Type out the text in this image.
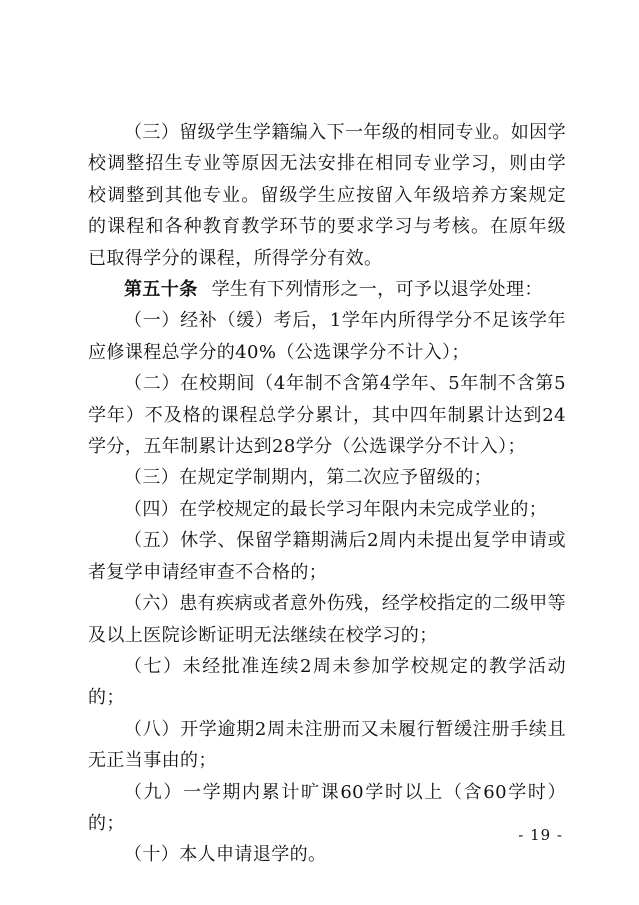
（三）留级学生学籍编入下一年级的相同专业。如因学校调整招生专业等原因无法安排在相同专业学习，则由学校调整到其他专业。留级学生应按留入年级培养方案规定的课程和各种教育教学环节的要求学习与考核。在原年级已取得学分的课程，所得学分有效。

第五十条 学生有下列情形之一，可予以退学处理：

（一）经补（缓）考后，1学年内所得学分不足该学年应修课程总学分的40%（公选课学分不计入）；

（二）在校期间（4年制不含第4学年、5年制不含第5学年）不及格的课程总学分累计，其中四年制累计达到24学分，五年制累计达到28学分（公选课学分不计入）；

（三）在规定学制期内，第二次应予留级的；

（四）在学校规定的最长学习年限内未完成学业的；

（五）休学、保留学籍期满后2周内未提出复学申请或者复学申请经审查不合格的；

（六）患有疾病或者意外伤残，经学校指定的二级甲等及以上医院诊断证明无法继续在校学习的；

（七）未经批准连续2周未参加学校规定的教学活动的；

（八）开学逾期2周未注册而又未履行暂缓注册手续且无正当事由的；

（九）一学期内累计旷课60学时以上（含60学时）的；

（十）本人申请退学的。

- 19 -
